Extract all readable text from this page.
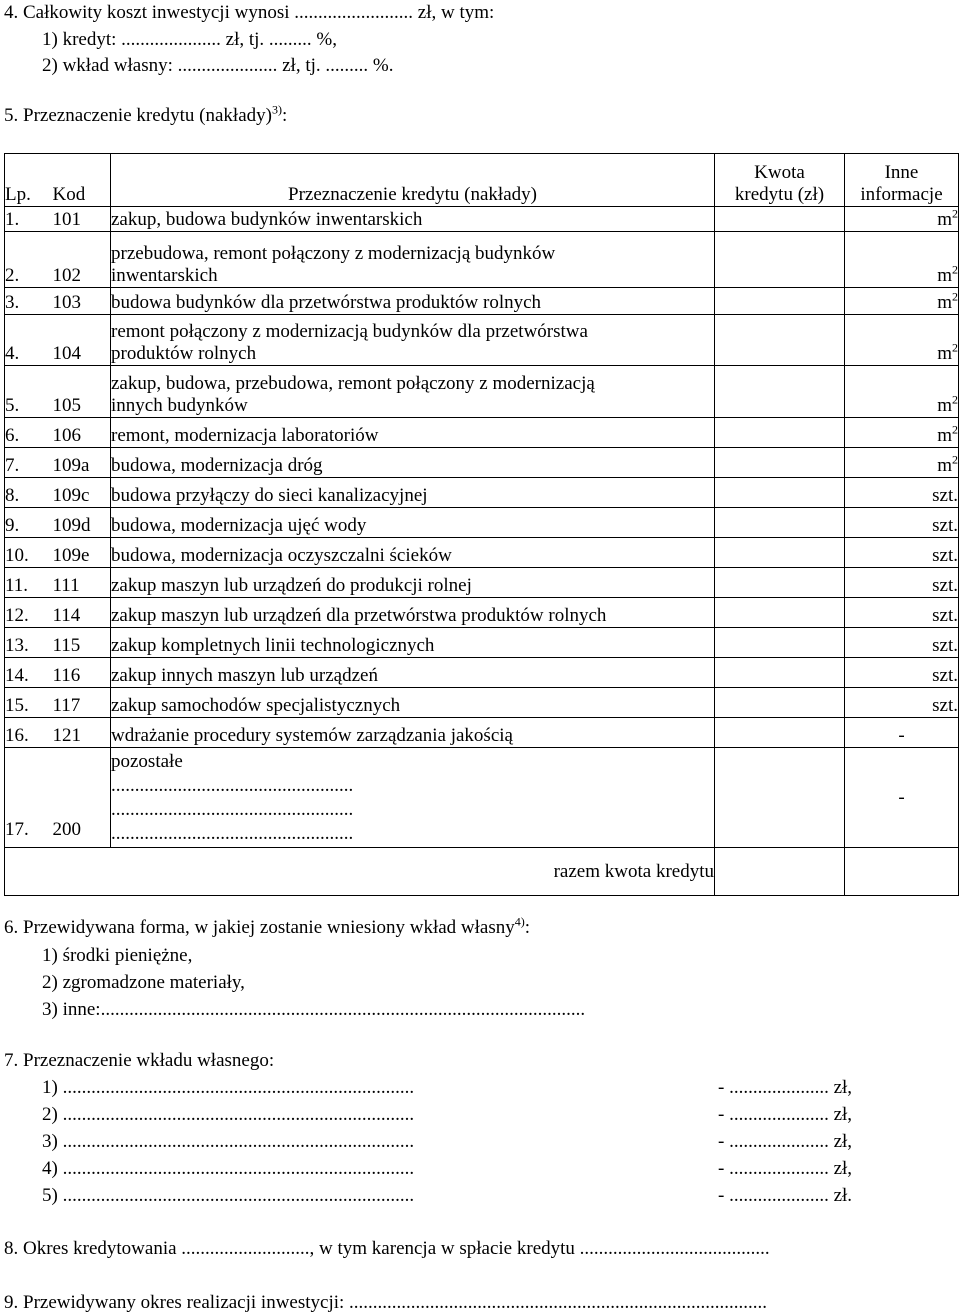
4. Całkowity koszt inwestycji wynosi ......................... zł, w tym:
1) kredyt: ..................... zł, tj. ......... %,
2) wkład własny: ..................... zł, tj. ......... %.
5. Przeznaczenie kredytu (nakłady)$^{3)}$:
Lp.	Kod	Przeznaczenie kredytu (nakłady)	Kwota
kredytu (zł)	Inne
informacje
1.	101	zakup, budowa budynków inwentarskich		$m^2$
2.	102	przebudowa, remont połączony z modernizacją budynków
inwentarskich		$m^2$
3.	103	budowa budynków dla przetwórstwa produktów rolnych		$m^2$
4.	104	remont połączony z modernizacją budynków dla przetwórstwa
produktów rolnych		$m^2$
5.	105	zakup, budowa, przebudowa, remont połączony z modernizacją
innych budynków		$m^2$
6.	106	remont, modernizacja laboratoriów		$m^2$
7.	109a	budowa, modernizacja dróg		$m^2$
8.	109c	budowa przyłączy do sieci kanalizacyjnej		szt.
9.	109d	budowa, modernizacja ujęć wody		szt.
10.	109e	budowa, modernizacja oczyszczalni ścieków		szt.
11.	111	zakup maszyn lub urządzeń do produkcji rolnej		szt.
12.	114	zakup maszyn lub urządzeń dla przetwórstwa produktów rolnych		szt.
13.	115	zakup kompletnych linii technologicznych		szt.
14.	116	zakup innych maszyn lub urządzeń		szt.
15.	117	zakup samochodów specjalistycznych		szt.
16.	121	wdrażanie procedury systemów zarządzania jakością		-
17.	200	pozostałe
...................................................
...................................................
...................................................		-
		razem kwota kredytu		
6. Przewidywana forma, w jakiej zostanie wniesiony wkład własny$^{4)}$:
1) środki pieniężne,
2) zgromadzone materiały,
3) inne:......................................................................................................
7. Przeznaczenie wkładu własnego:
1) ..........................................................................	- ..................... zł,
2) ..........................................................................	- ..................... zł,
3) ..........................................................................	- ..................... zł,
4) ..........................................................................	- ..................... zł,
5) ..........................................................................	- ..................... zł.
8. Okres kredytowania ..........................., w tym karencja w spłacie kredytu ........................................
9. Przewidywany okres realizacji inwestycji: ........................................................................................
